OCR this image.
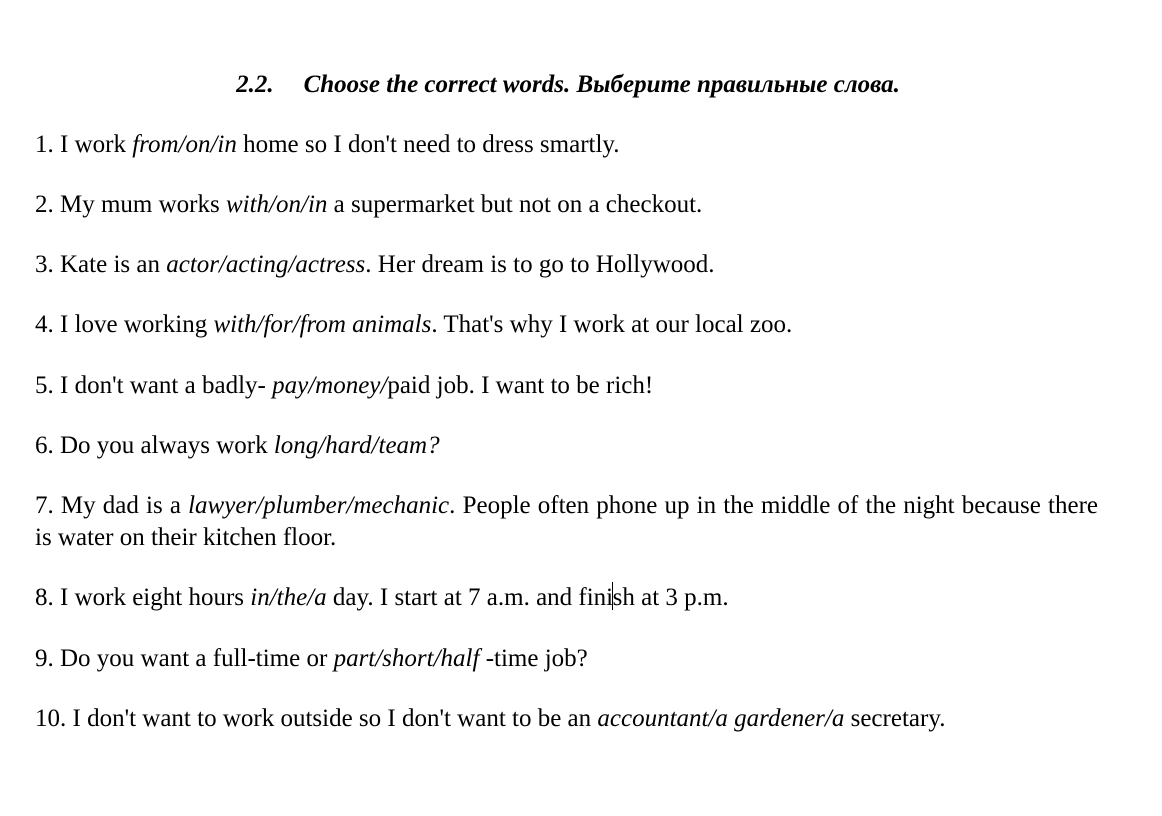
2.2. Choose the correct words. Выберите правильные слова.
1. I work from/on/in home so I don't need to dress smartly.
2. My mum works with/on/in a supermarket but not on a checkout.
3. Kate is an actor/acting/actress. Her dream is to go to Hollywood.
4. I love working with/for/from animals. That's why I work at our local zoo.
5. I don't want a badly- pay/money/paid job. I want to be rich!
6. Do you always work long/hard/team?
7. My dad is a lawyer/plumber/mechanic. People often phone up in the middle of the night because there is water on their kitchen floor.
8. I work eight hours in/the/a day. I start at 7 a.m. and finish at 3 p.m.
9. Do you want a full-time or part/short/half -time job?
10. I don't want to work outside so I don't want to be an accountant/a gardener/a secretary.
